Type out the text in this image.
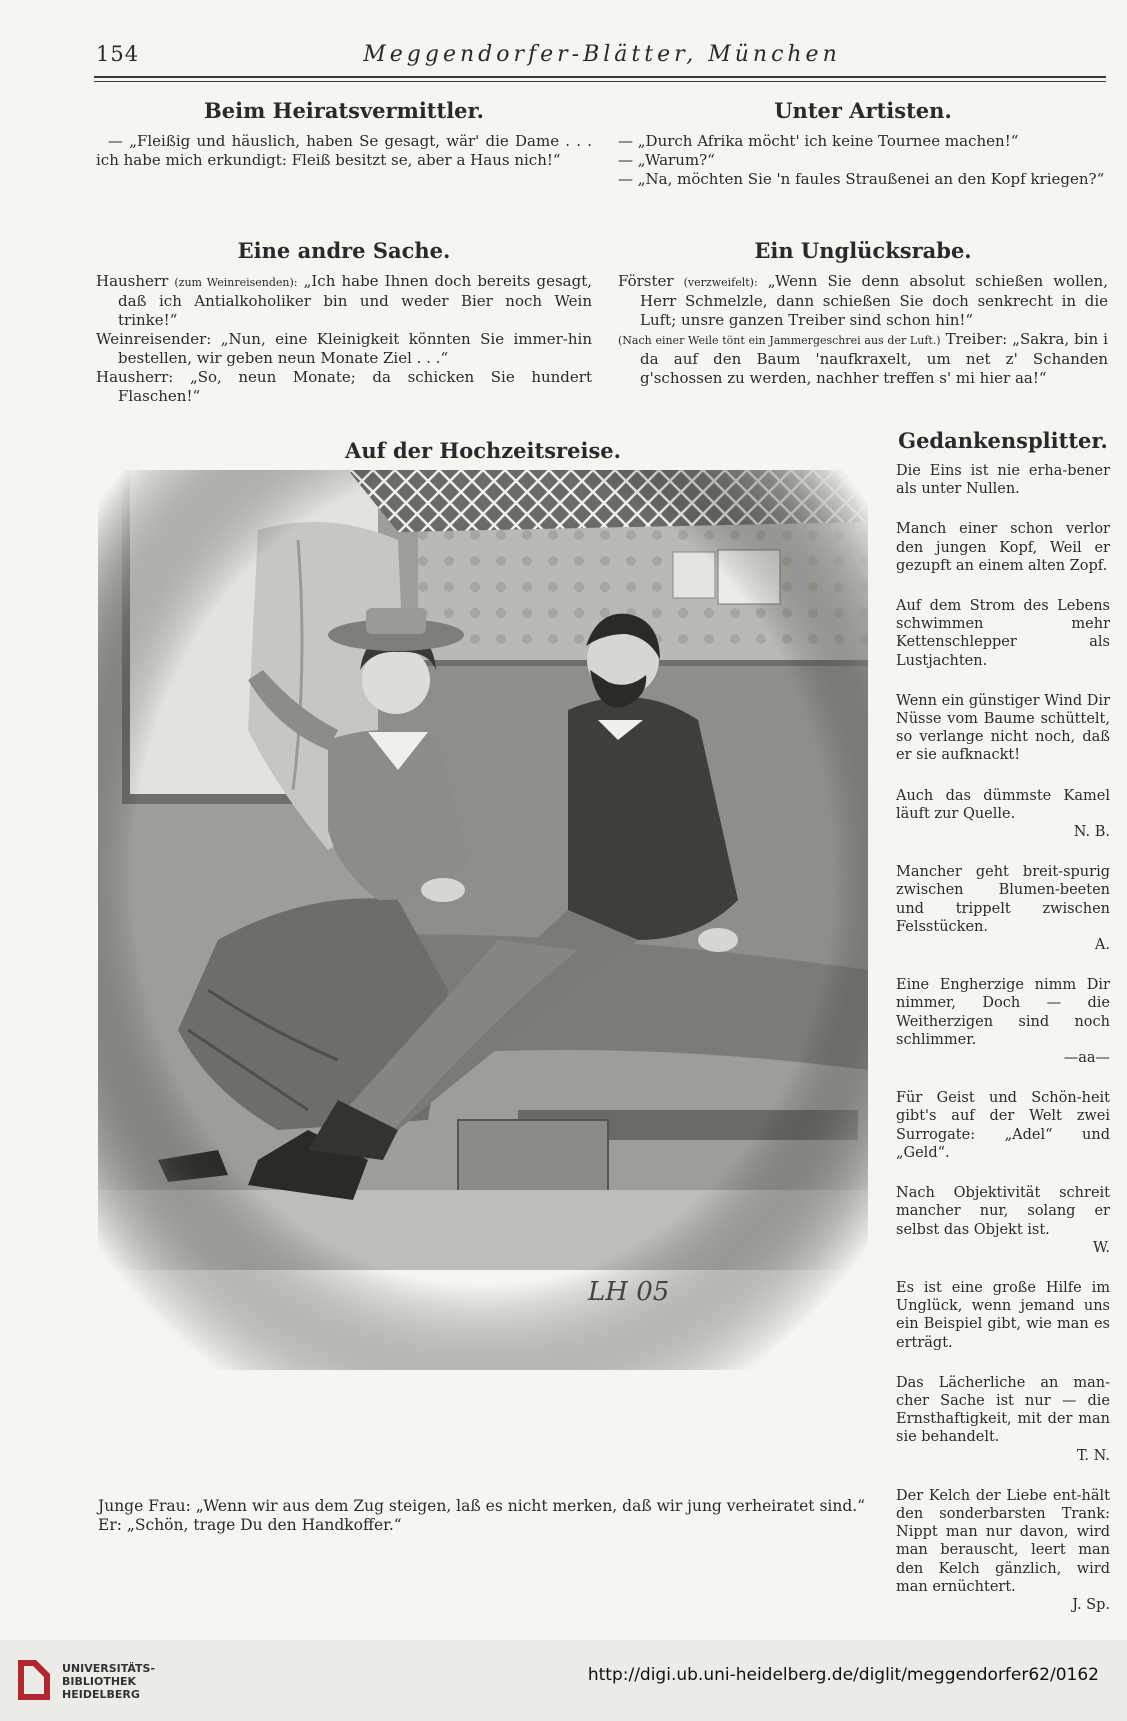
154	Meggendorfer-Blätter, München
Beim Heiratsvermittler.

— „Fleißig und häuslich, haben Se gesagt, wär' die Dame . . . ich habe mich erkundigt: Fleiß besitzt se, aber a Haus nich!“

Eine andre Sache.

Hausherr (zum Weinreisenden): „Ich habe Ihnen doch bereits gesagt, daß ich Antialkoholiker bin und weder Bier noch Wein trinke!“

Weinreisender: „Nun, eine Kleinigkeit könnten Sie immer-hin bestellen, wir geben neun Monate Ziel . . .“

Hausherr: „So, neun Monate; da schicken Sie hundert Flaschen!“

Unter Artisten.

— „Durch Afrika möcht' ich keine Tournee machen!“

— „Warum?“

— „Na, möchten Sie 'n faules Straußenei an den Kopf kriegen?“

Ein Unglücksrabe.

Förster (verzweifelt): „Wenn Sie denn absolut schießen wollen, Herr Schmelzle, dann schießen Sie doch senkrecht in die Luft; unsre ganzen Treiber sind schon hin!“

(Nach einer Weile tönt ein Jammergeschrei aus der Luft.) Treiber: „Sakra, bin i da auf den Baum 'naufkraxelt, um net z' Schanden g'schossen zu werden, nachher treffen s' mi hier aa!“

Auf der Hochzeitsreise.
LH 05
Junge Frau: „Wenn wir aus dem Zug steigen, laß es nicht merken, daß wir jung verheiratet sind.“
Er: „Schön, trage Du den Handkoffer.“
Gedankensplitter.

Die Eins ist nie erha-bener als unter Nullen.

Manch einer schon verlor den jungen Kopf, Weil er gezupft an einem alten Zopf.

Auf dem Strom des Lebens schwimmen mehr Kettenschlepper als Lustjachten.

Wenn ein günstiger Wind Dir Nüsse vom Baume schüttelt, so verlange nicht noch, daß er sie aufknackt!

Auch das dümmste Kamel läuft zur Quelle.

N. B.

Mancher geht breit-spurig zwischen Blumen-beeten und trippelt zwischen Felsstücken.

A.

Eine Engherzige nimm Dir nimmer, Doch — die Weitherzigen sind noch schlimmer.

—aa—

Für Geist und Schön-heit gibt's auf der Welt zwei Surrogate: „Adel“ und „Geld“.

Nach Objektivität schreit mancher nur, solang er selbst das Objekt ist.

W.

Es ist eine große Hilfe im Unglück, wenn jemand uns ein Beispiel gibt, wie man es erträgt.

Das Lächerliche an man-cher Sache ist nur — die Ernsthaftigkeit, mit der man sie behandelt.

T. N.

Der Kelch der Liebe ent-hält den sonderbarsten Trank: Nippt man nur davon, wird man berauscht, leert man den Kelch gänzlich, wird man ernüchtert.

J. Sp.

UNIVERSITÄTS-
BIBLIOTHEK
HEIDELBERG
http://digi.ub.uni-heidelberg.de/diglit/meggendorfer62/0162
